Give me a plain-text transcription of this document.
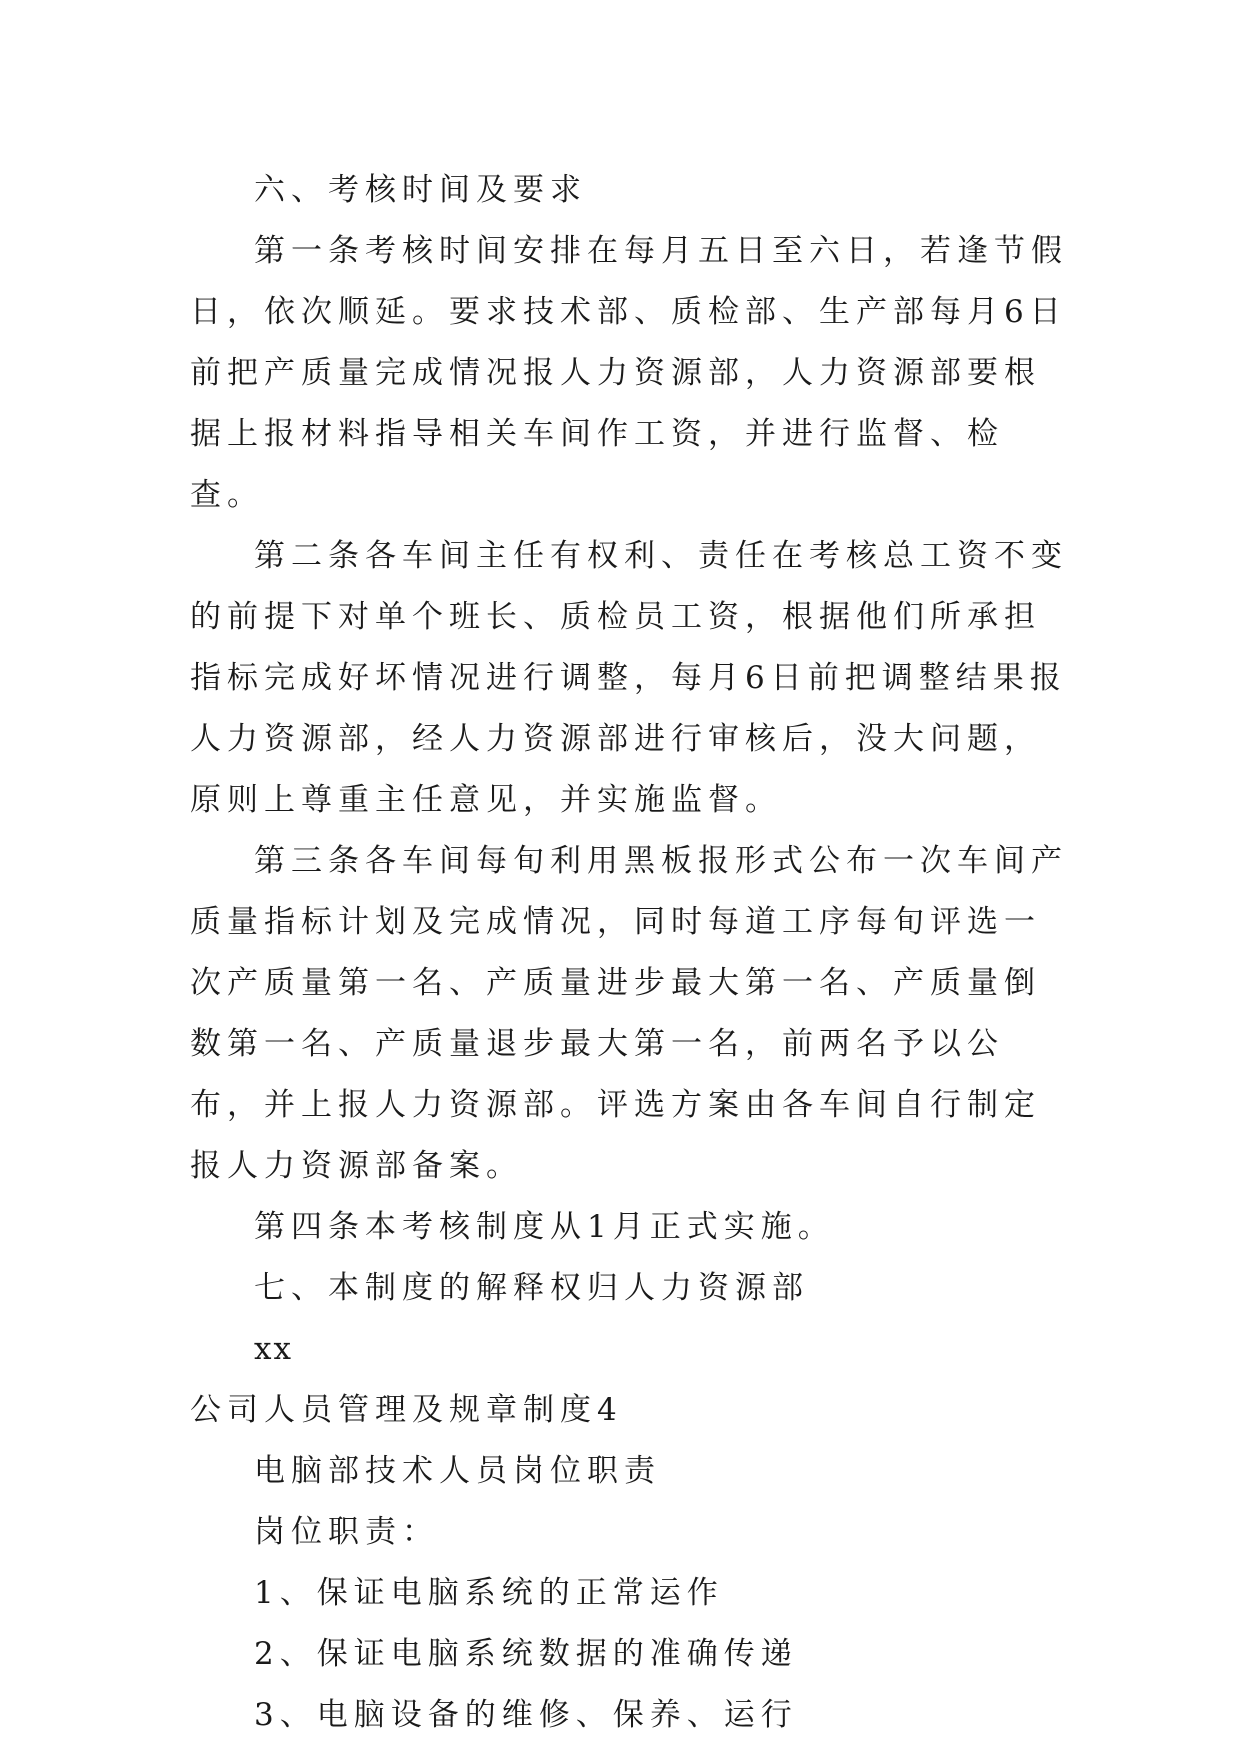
六、考核时间及要求

第一条考核时间安排在每月五日至六日，若逢节假日，依次顺延。要求技术部、质检部、生产部每月6日前把产质量完成情况报人力资源部，人力资源部要根据上报材料指导相关车间作工资，并进行监督、检查。

第二条各车间主任有权利、责任在考核总工资不变的前提下对单个班长、质检员工资，根据他们所承担指标完成好坏情况进行调整，每月6日前把调整结果报人力资源部，经人力资源部进行审核后，没大问题，原则上尊重主任意见，并实施监督。

第三条各车间每旬利用黑板报形式公布一次车间产质量指标计划及完成情况，同时每道工序每旬评选一次产质量第一名、产质量进步最大第一名、产质量倒数第一名、产质量退步最大第一名，前两名予以公布，并上报人力资源部。评选方案由各车间自行制定报人力资源部备案。

第四条本考核制度从1月正式实施。

七、本制度的解释权归人力资源部

xx

公司人员管理及规章制度4

电脑部技术人员岗位职责

岗位职责：

1、保证电脑系统的正常运作

2、保证电脑系统数据的准确传递

3、电脑设备的维修、保养、运行
